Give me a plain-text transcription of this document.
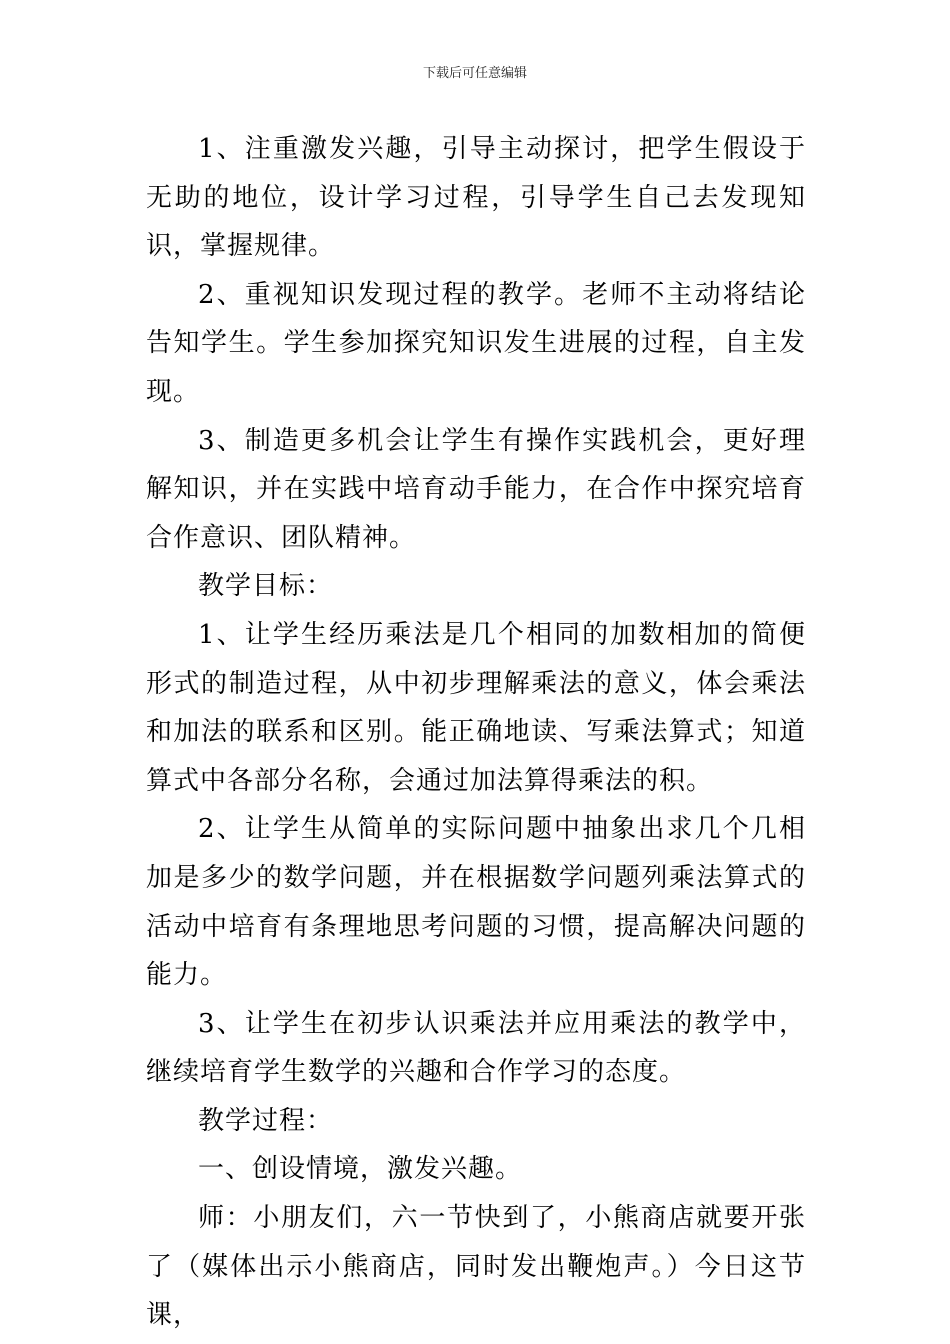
下载后可任意编辑

1、注重激发兴趣，引导主动探讨，把学生假设于无助的地位，设计学习过程，引导学生自己去发现知识，掌握规律。

2、重视知识发现过程的教学。老师不主动将结论告知学生。学生参加探究知识发生进展的过程，自主发现。

3、制造更多机会让学生有操作实践机会，更好理解知识，并在实践中培育动手能力，在合作中探究培育合作意识、团队精神。

教学目标：

1、让学生经历乘法是几个相同的加数相加的简便形式的制造过程，从中初步理解乘法的意义，体会乘法和加法的联系和区别。能正确地读、写乘法算式；知道算式中各部分名称，会通过加法算得乘法的积。

2、让学生从简单的实际问题中抽象出求几个几相加是多少的数学问题，并在根据数学问题列乘法算式的活动中培育有条理地思考问题的习惯，提高解决问题的能力。

3、让学生在初步认识乘法并应用乘法的教学中，继续培育学生数学的兴趣和合作学习的态度。

教学过程：

一、创设情境，激发兴趣。

师：小朋友们，六一节快到了，小熊商店就要开张了（媒体出示小熊商店，同时发出鞭炮声。）今日这节课，
